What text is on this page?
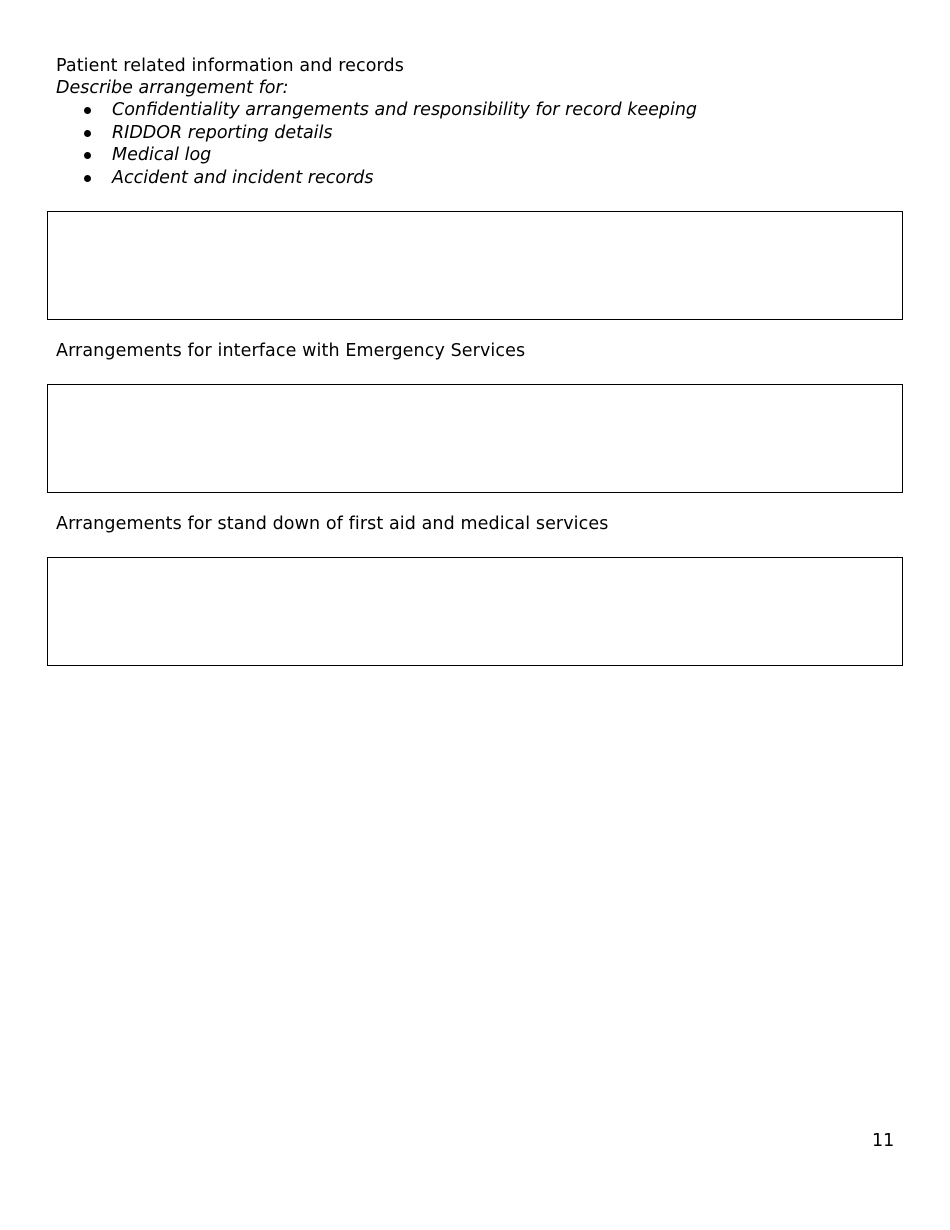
Patient related information and records
Describe arrangement for:
Confidentiality arrangements and responsibility for record keeping
RIDDOR reporting details
Medical log
Accident and incident records
Arrangements for interface with Emergency Services
Arrangements for stand down of first aid and medical services
11
